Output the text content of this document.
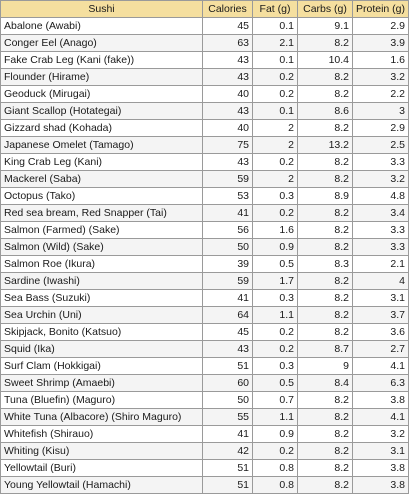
Sushi	Calories	Fat (g)	Carbs (g)	Protein (g)
Abalone (Awabi)	45	0.1	9.1	2.9
Conger Eel (Anago)	63	2.1	8.2	3.9
Fake Crab Leg (Kani (fake))	43	0.1	10.4	1.6
Flounder (Hirame)	43	0.2	8.2	3.2
Geoduck (Mirugai)	40	0.2	8.2	2.2
Giant Scallop (Hotategai)	43	0.1	8.6	3
Gizzard shad (Kohada)	40	2	8.2	2.9
Japanese Omelet (Tamago)	75	2	13.2	2.5
King Crab Leg (Kani)	43	0.2	8.2	3.3
Mackerel (Saba)	59	2	8.2	3.2
Octopus (Tako)	53	0.3	8.9	4.8
Red sea bream, Red Snapper (Tai)	41	0.2	8.2	3.4
Salmon (Farmed) (Sake)	56	1.6	8.2	3.3
Salmon (Wild) (Sake)	50	0.9	8.2	3.3
Salmon Roe (Ikura)	39	0.5	8.3	2.1
Sardine (Iwashi)	59	1.7	8.2	4
Sea Bass (Suzuki)	41	0.3	8.2	3.1
Sea Urchin (Uni)	64	1.1	8.2	3.7
Skipjack, Bonito (Katsuo)	45	0.2	8.2	3.6
Squid (Ika)	43	0.2	8.7	2.7
Surf Clam (Hokkigai)	51	0.3	9	4.1
Sweet Shrimp (Amaebi)	60	0.5	8.4	6.3
Tuna (Bluefin) (Maguro)	50	0.7	8.2	3.8
White Tuna (Albacore) (Shiro Maguro)	55	1.1	8.2	4.1
Whitefish (Shirauo)	41	0.9	8.2	3.2
Whiting (Kisu)	42	0.2	8.2	3.1
Yellowtail (Buri)	51	0.8	8.2	3.8
Young Yellowtail (Hamachi)	51	0.8	8.2	3.8
